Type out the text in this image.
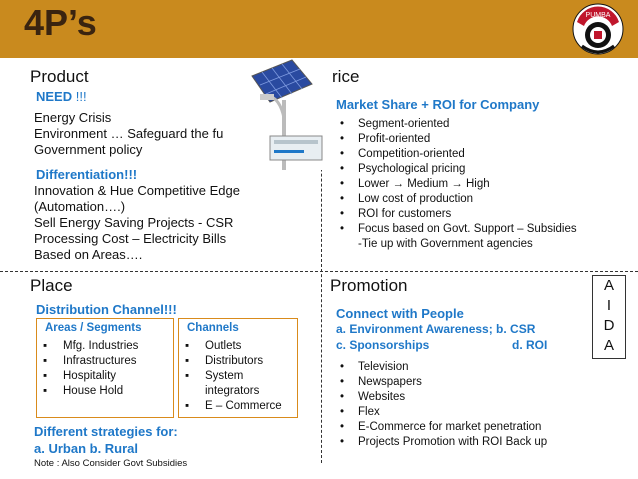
4P’s	PUMBA
Product
NEED !!!
Energy Crisis
Environment … Safeguard the fu
Government policy
Differentiation!!!
Innovation & Hue Competitive Edge
(Automation….)
Sell Energy Saving Projects - CSR
Processing Cost – Electricity Bills
Based on Areas….
rice
Market Share + ROI for Company
• Segment-oriented
• Profit-oriented
• Competition-oriented
• Psychological pricing
• Lower → Medium → High
• Low cost of production
• ROI for customers
• Focus based on Govt. Support – Subsidies
-Tie up with Government agencies
Place
Distribution Channel!!!
Areas / Segments
▪ Mfg. Industries
▪ Infrastructures
▪ Hospitality
▪ House Hold
Channels
▪ Outlets
▪ Distributors
▪ System integrators
▪ E – Commerce
Different strategies for:
a. Urban b. Rural
Note : Also Consider Govt Subsidies
Promotion
Connect with People
a. Environment Awareness; b. CSR
c. Sponsorships	d. ROI
• Television
• Newspapers
• Websites
• Flex
• E-Commerce for market penetration
• Projects Promotion with ROI Back up
A
I
D
A
